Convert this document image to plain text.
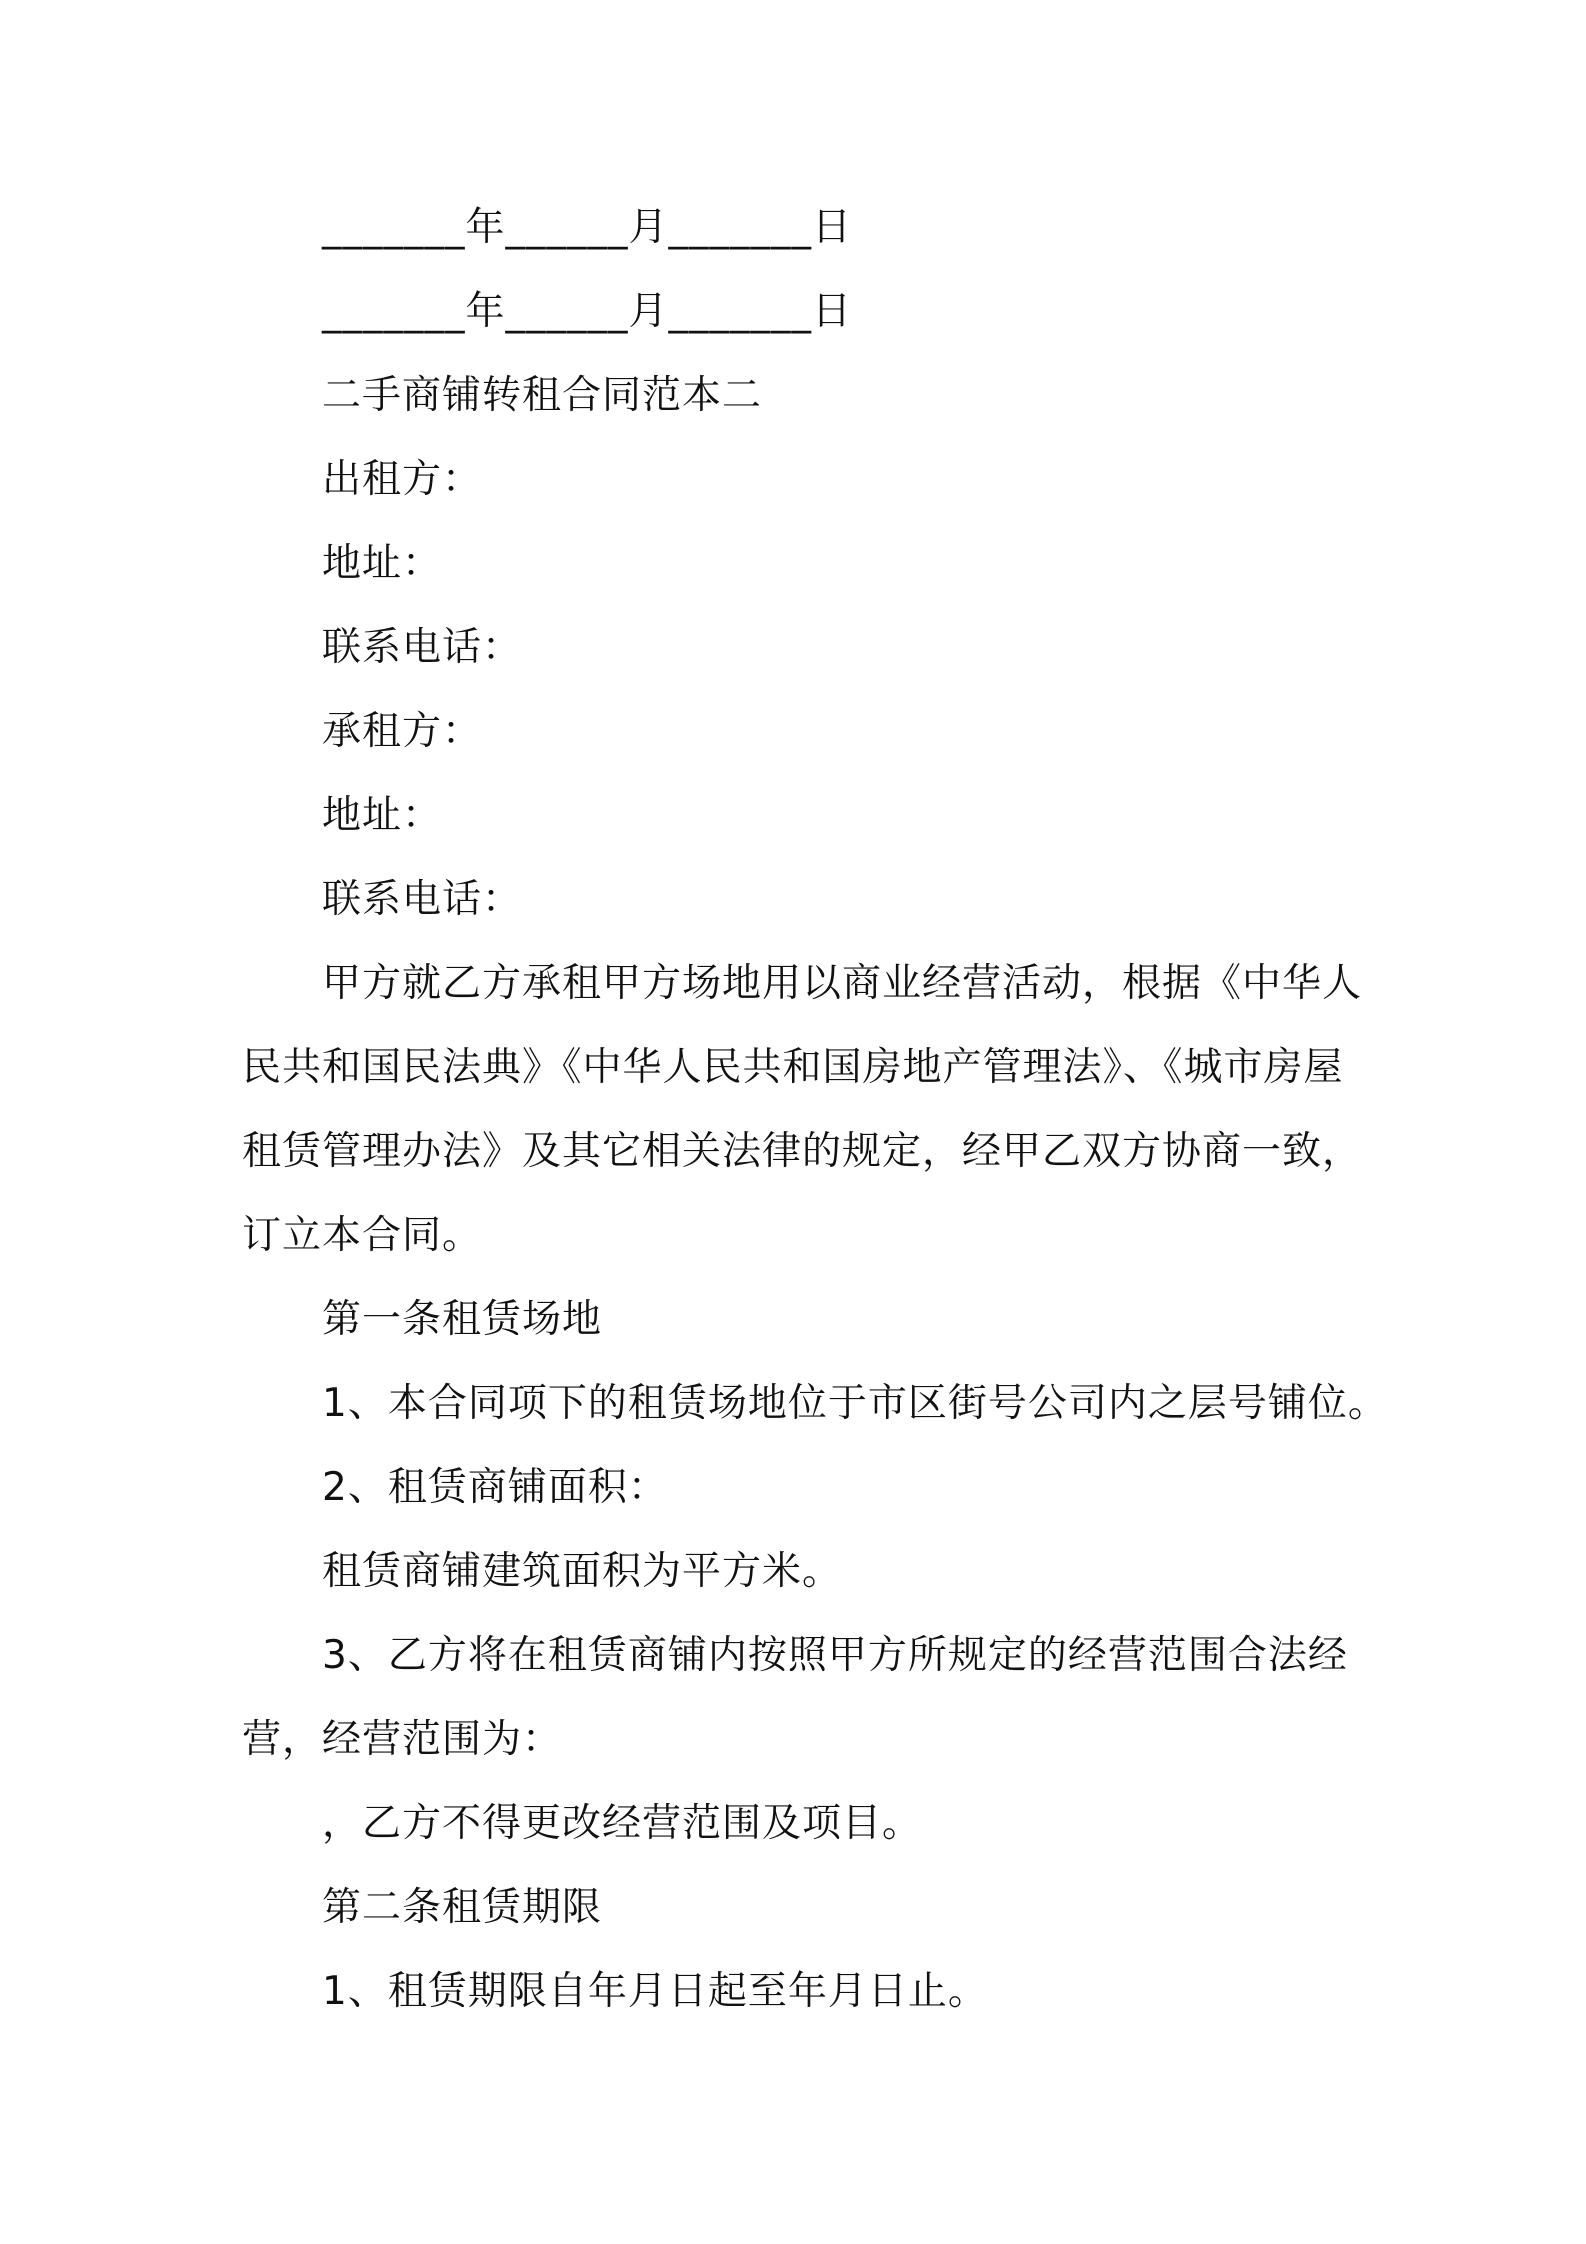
_______年______月_______日
_______年______月_______日
二手商铺转租合同范本二
出租方：
地址：
联系电话：
承租方：
地址：
联系电话：
甲方就乙方承租甲方场地用以商业经营活动，根据《中华人
民共和国民法典》《中华人民共和国房地产管理法》、《城市房屋
租赁管理办法》及其它相关法律的规定，经甲乙双方协商一致，
订立本合同。
第一条租赁场地
1、本合同项下的租赁场地位于市区街号公司内之层号铺位。
2、租赁商铺面积：
租赁商铺建筑面积为平方米。
3、乙方将在租赁商铺内按照甲方所规定的经营范围合法经
营，经营范围为：
，乙方不得更改经营范围及项目。
第二条租赁期限
1、租赁期限自年月日起至年月日止。
